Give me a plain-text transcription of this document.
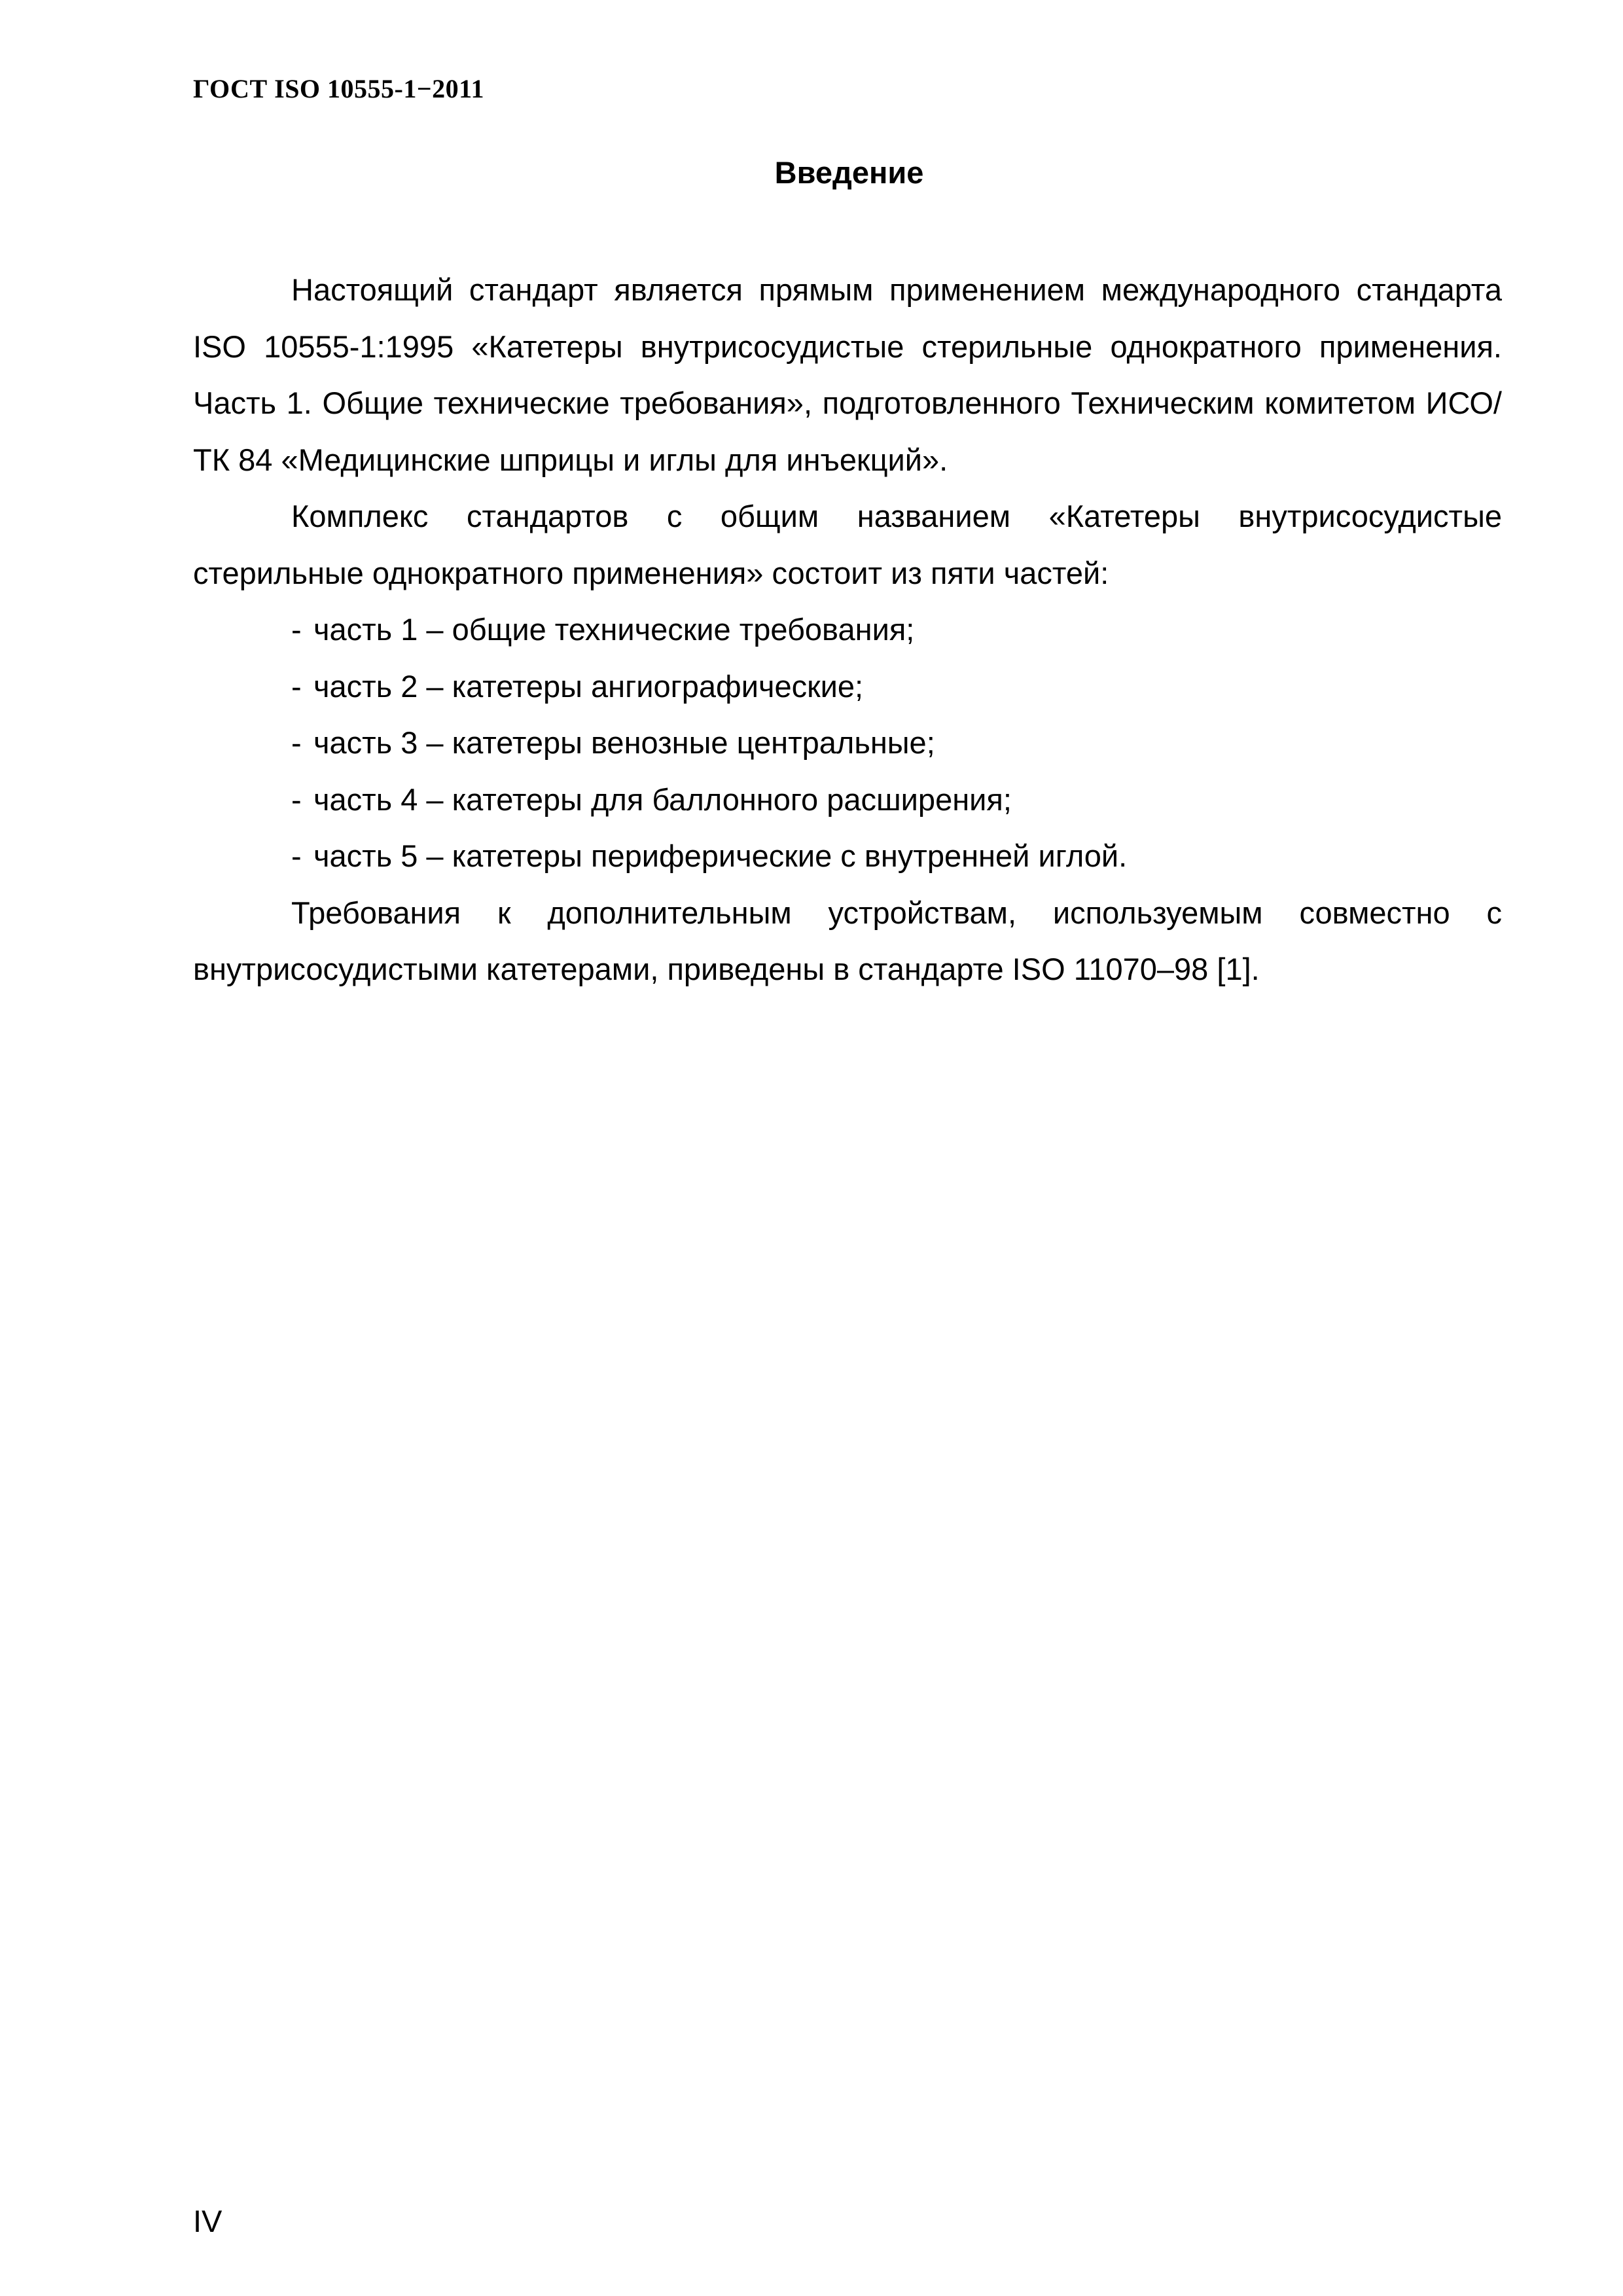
ГОСТ ISO 10555-1−2011
Введение

Настоящий стандарт является прямым применением международного стандарта ISO 10555-1:1995 «Катетеры внутрисосудистые стерильные однократного применения. Часть 1. Общие технические требования», подготовленного Техническим комитетом ИСО/ТК 84 «Медицинские шприцы и иглы для инъекций».

Комплекс стандартов с общим названием «Катетеры внутрисосудистые стерильные однократного применения» состоит из пяти частей:

- часть 1 – общие технические требования;
- часть 2 – катетеры ангиографические;
- часть 3 – катетеры венозные центральные;
- часть 4 – катетеры для баллонного расширения;
- часть 5 – катетеры периферические с внутренней иглой.

Требования к дополнительным устройствам, используемым совместно с внутрисосудистыми катетерами, приведены в стандарте ISO 11070–98 [1].

IV
